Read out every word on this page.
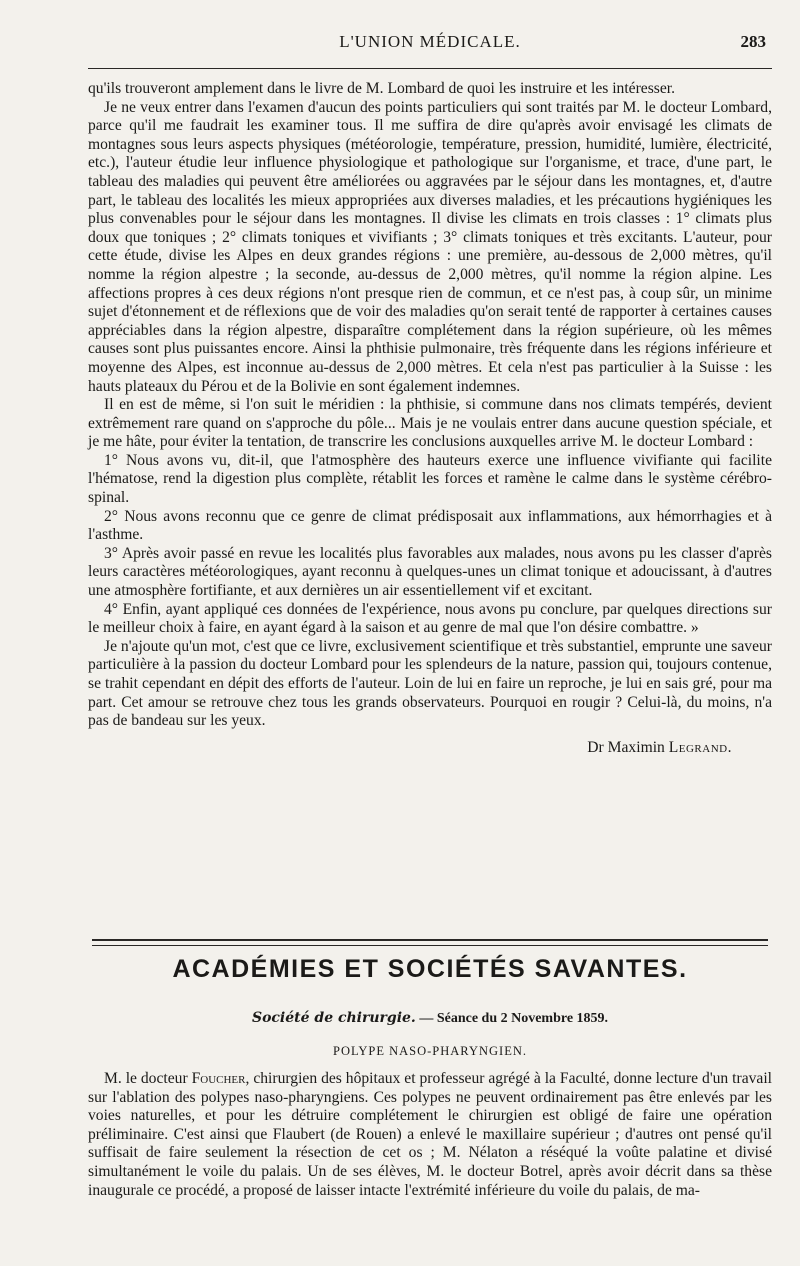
L'UNION MÉDICALE.	283

qu'ils trouveront amplement dans le livre de M. Lombard de quoi les instruire et les intéresser.

Je ne veux entrer dans l'examen d'aucun des points particuliers qui sont traités par M. le docteur Lombard, parce qu'il me faudrait les examiner tous. Il me suffira de dire qu'après avoir envisagé les climats de montagnes sous leurs aspects physiques (météorologie, température, pression, humidité, lumière, électricité, etc.), l'auteur étudie leur influence physiologique et pathologique sur l'organisme, et trace, d'une part, le tableau des maladies qui peuvent être améliorées ou aggravées par le séjour dans les montagnes, et, d'autre part, le tableau des localités les mieux appropriées aux diverses maladies, et les précautions hygiéniques les plus convenables pour le séjour dans les montagnes. Il divise les climats en trois classes : 1° climats plus doux que toniques ; 2° climats toniques et vivifiants ; 3° climats toniques et très excitants. L'auteur, pour cette étude, divise les Alpes en deux grandes régions : une première, au-dessous de 2,000 mètres, qu'il nomme la région alpestre ; la seconde, au-dessus de 2,000 mètres, qu'il nomme la région alpine. Les affections propres à ces deux régions n'ont presque rien de commun, et ce n'est pas, à coup sûr, un minime sujet d'étonnement et de réflexions que de voir des maladies qu'on serait tenté de rapporter à certaines causes appréciables dans la région alpestre, disparaître complétement dans la région supérieure, où les mêmes causes sont plus puissantes encore. Ainsi la phthisie pulmonaire, très fréquente dans les régions inférieure et moyenne des Alpes, est inconnue au-dessus de 2,000 mètres. Et cela n'est pas particulier à la Suisse : les hauts plateaux du Pérou et de la Bolivie en sont également indemnes.

Il en est de même, si l'on suit le méridien : la phthisie, si commune dans nos climats tempérés, devient extrêmement rare quand on s'approche du pôle... Mais je ne voulais entrer dans aucune question spéciale, et je me hâte, pour éviter la tentation, de transcrire les conclusions auxquelles arrive M. le docteur Lombard :

1° Nous avons vu, dit-il, que l'atmosphère des hauteurs exerce une influence vivifiante qui facilite l'hématose, rend la digestion plus complète, rétablit les forces et ramène le calme dans le système cérébro-spinal.

2° Nous avons reconnu que ce genre de climat prédisposait aux inflammations, aux hémorrhagies et à l'asthme.

3° Après avoir passé en revue les localités plus favorables aux malades, nous avons pu les classer d'après leurs caractères météorologiques, ayant reconnu à quelques-unes un climat tonique et adoucissant, à d'autres une atmosphère fortifiante, et aux dernières un air essentiellement vif et excitant.

4° Enfin, ayant appliqué ces données de l'expérience, nous avons pu conclure, par quelques directions sur le meilleur choix à faire, en ayant égard à la saison et au genre de mal que l'on désire combattre. »

Je n'ajoute qu'un mot, c'est que ce livre, exclusivement scientifique et très substantiel, emprunte une saveur particulière à la passion du docteur Lombard pour les splendeurs de la nature, passion qui, toujours contenue, se trahit cependant en dépit des efforts de l'auteur. Loin de lui en faire un reproche, je lui en sais gré, pour ma part. Cet amour se retrouve chez tous les grands observateurs. Pourquoi en rougir ? Celui-là, du moins, n'a pas de bandeau sur les yeux.

Dr Maximin Legrand.
ACADÉMIES ET SOCIÉTÉS SAVANTES.
Société de chirurgie. — Séance du 2 Novembre 1859.
POLYPE NASO-PHARYNGIEN.

M. le docteur Foucher, chirurgien des hôpitaux et professeur agrégé à la Faculté, donne lecture d'un travail sur l'ablation des polypes naso-pharyngiens. Ces polypes ne peuvent ordinairement pas être enlevés par les voies naturelles, et pour les détruire complétement le chirurgien est obligé de faire une opération préliminaire. C'est ainsi que Flaubert (de Rouen) a enlevé le maxillaire supérieur ; d'autres ont pensé qu'il suffisait de faire seulement la résection de cet os ; M. Nélaton a réséqué la voûte palatine et divisé simultanément le voile du palais. Un de ses élèves, M. le docteur Botrel, après avoir décrit dans sa thèse inaugurale ce procédé, a proposé de laisser intacte l'extrémité inférieure du voile du palais, de ma-
